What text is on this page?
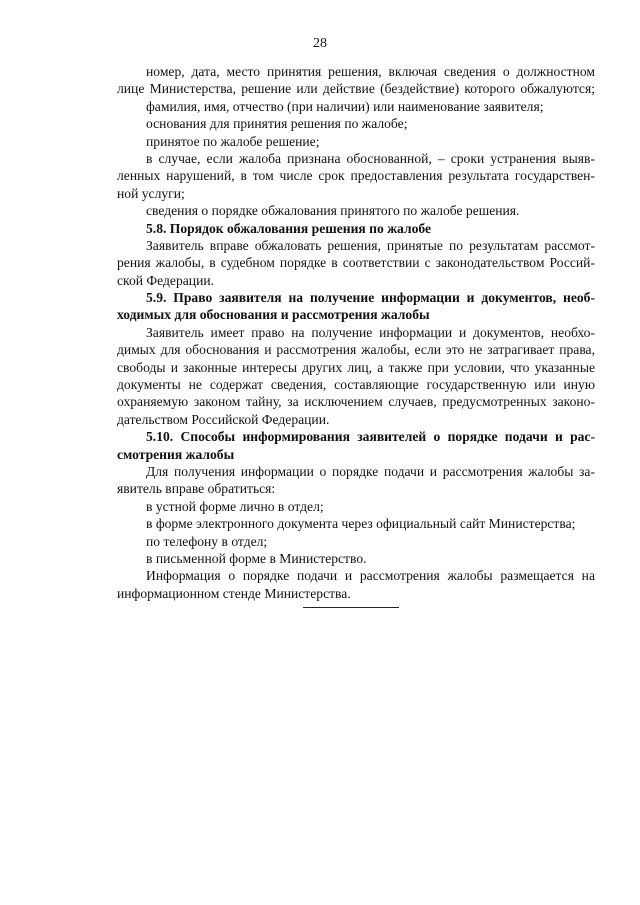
28
номер, дата, место принятия решения, включая сведения о должностном
лице Министерства, решение или действие (бездействие) которого обжалуются;
фамилия, имя, отчество (при наличии) или наименование заявителя;
основания для принятия решения по жалобе;
принятое по жалобе решение;
в случае, если жалоба признана обоснованной, – сроки устранения выяв-
ленных нарушений, в том числе срок предоставления результата государствен-
ной услуги;
сведения о порядке обжалования принятого по жалобе решения.
5.8. Порядок обжалования решения по жалобе
Заявитель вправе обжаловать решения, принятые по результатам рассмот-
рения жалобы, в судебном порядке в соответствии с законодательством Россий-
ской Федерации.
5.9. Право заявителя на получение информации и документов, необ-
ходимых для обоснования и рассмотрения жалобы
Заявитель имеет право на получение информации и документов, необхо-
димых для обоснования и рассмотрения жалобы, если это не затрагивает права,
свободы и законные интересы других лиц, а также при условии, что указанные
документы не содержат сведения, составляющие государственную или иную
охраняемую законом тайну, за исключением случаев, предусмотренных законо-
дательством Российской Федерации.
5.10. Способы информирования заявителей о порядке подачи и рас-
смотрения жалобы
Для получения информации о порядке подачи и рассмотрения жалобы за-
явитель вправе обратиться:
в устной форме лично в отдел;
в форме электронного документа через официальный сайт Министерства;
по телефону в отдел;
в письменной форме в Министерство.
Информация о порядке подачи и рассмотрения жалобы размещается на
информационном стенде Министерства.
